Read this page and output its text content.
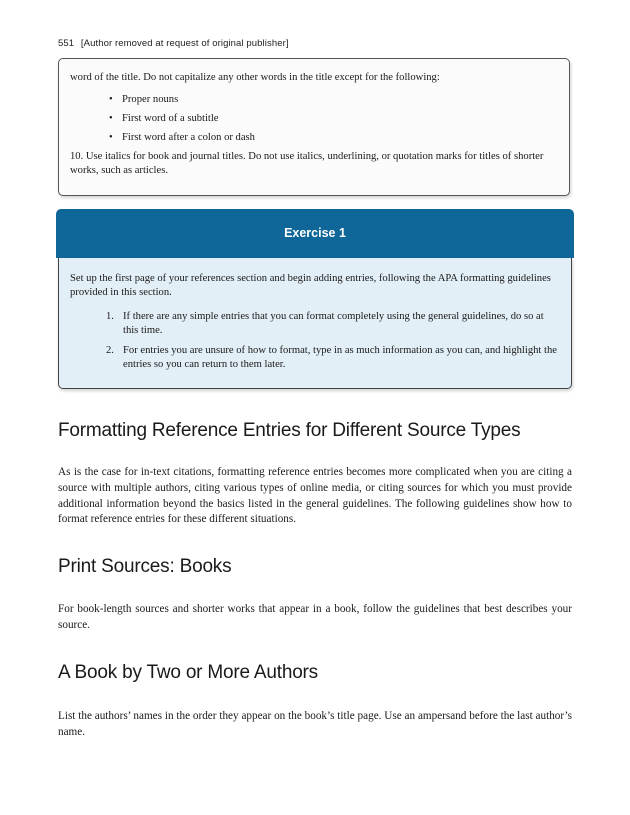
551 [Author removed at request of original publisher]

word of the title. Do not capitalize any other words in the title except for the following:

• Proper nouns
• First word of a subtitle
• First word after a colon or dash

10. Use italics for book and journal titles. Do not use italics, underlining, or quotation marks for titles of shorter works, such as articles.

Exercise 1

Set up the first page of your references section and begin adding entries, following the APA formatting guidelines provided in this section.

1. If there are any simple entries that you can format completely using the general guidelines, do so at this time.
2. For entries you are unsure of how to format, type in as much information as you can, and highlight the entries so you can return to them later.
Formatting Reference Entries for Different Source Types

As is the case for in-text citations, formatting reference entries becomes more complicated when you are citing a source with multiple authors, citing various types of online media, or citing sources for which you must provide additional information beyond the basics listed in the general guidelines. The following guidelines show how to format reference entries for these different situations.

Print Sources: Books

For book-length sources and shorter works that appear in a book, follow the guidelines that best describes your source.

A Book by Two or More Authors

List the authors’ names in the order they appear on the book’s title page. Use an ampersand before the last author’s name.
